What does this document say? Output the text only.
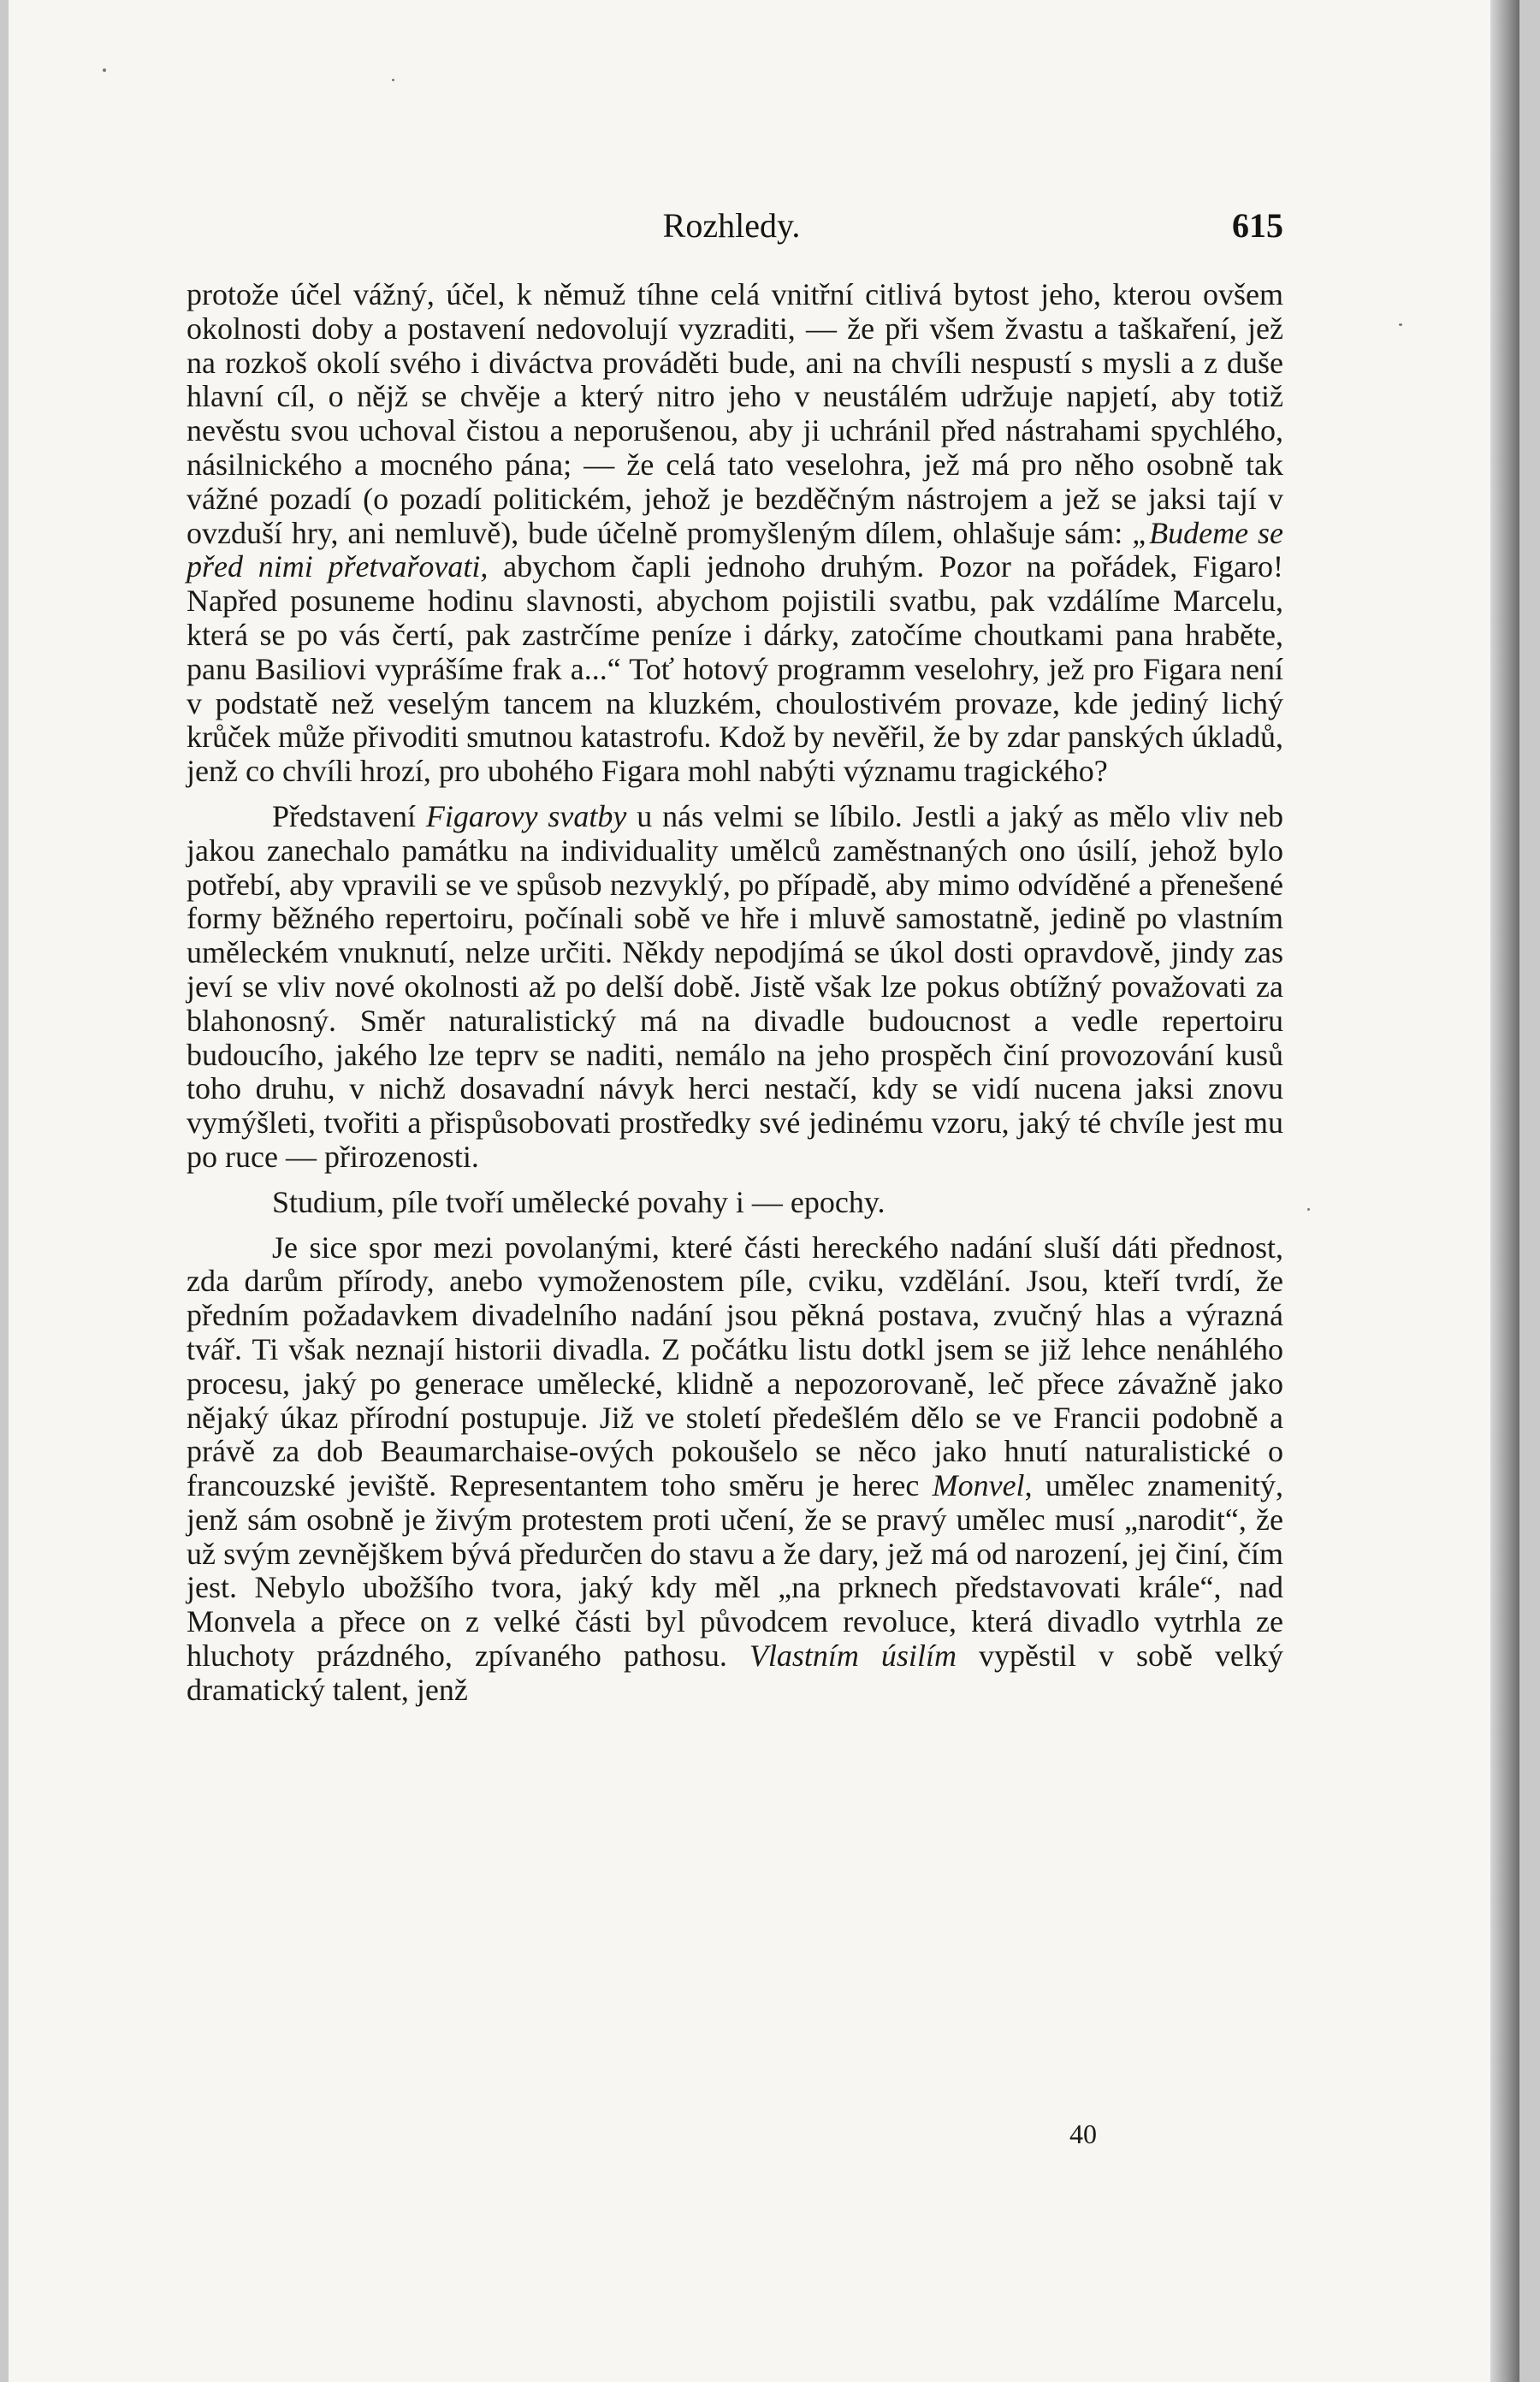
Rozhledy.	615

protože účel vážný, účel, k němuž tíhne celá vnitřní citlivá bytost jeho, kterou ovšem okolnosti doby a postavení nedovolují vyzraditi, — že při všem žvastu a taškaření, jež na rozkoš okolí svého i diváctva prováděti bude, ani na chvíli nespustí s mysli a z duše hlavní cíl, o nějž se chvěje a který nitro jeho v neustálém udržuje napjetí, aby totiž nevěstu svou uchoval čistou a neporušenou, aby ji uchránil před nástrahami spychlého, násilnického a mocného pána; — že celá tato veselohra, jež má pro něho osobně tak vážné pozadí (o pozadí politickém, jehož je bezděčným nástrojem a jež se jaksi tají v ovzduší hry, ani nemluvě), bude účelně promyšleným dílem, ohlašuje sám: „Budeme se před nimi přetvařovati, abychom čapli jednoho druhým. Pozor na pořádek, Figaro! Napřed posuneme hodinu slavnosti, abychom pojistili svatbu, pak vzdálíme Marcelu, která se po vás čertí, pak zastrčíme peníze i dárky, zatočíme choutkami pana hraběte, panu Basiliovi vyprášíme frak a...“ Toť hotový programm veselohry, jež pro Figara není v podstatě než veselým tancem na kluzkém, choulostivém provaze, kde jediný lichý krůček může přivoditi smutnou katastrofu. Kdož by nevěřil, že by zdar panských úkladů, jenž co chvíli hrozí, pro ubohého Figara mohl nabýti významu tragického?

Představení Figarovy svatby u nás velmi se líbilo. Jestli a jaký as mělo vliv neb jakou zanechalo památku na individuality umělců zaměstnaných ono úsilí, jehož bylo potřebí, aby vpravili se ve spůsob nezvyklý, po případě, aby mimo odvíděné a přenešené formy běžného repertoiru, počínali sobě ve hře i mluvě samostatně, jedině po vlastním uměleckém vnuknutí, nelze určiti. Někdy nepodjímá se úkol dosti opravdově, jindy zas jeví se vliv nové okolnosti až po delší době. Jistě však lze pokus obtížný považovati za blahonosný. Směr naturalistický má na divadle budoucnost a vedle repertoiru budoucího, jakého lze teprv se naditi, nemálo na jeho prospěch činí provozování kusů toho druhu, v nichž dosavadní návyk herci nestačí, kdy se vidí nucena jaksi znovu vymýšleti, tvořiti a přispůsobovati prostředky své jedinému vzoru, jaký té chvíle jest mu po ruce — přirozenosti.

Studium, píle tvoří umělecké povahy i — epochy.

Je sice spor mezi povolanými, které části hereckého nadání sluší dáti přednost, zda darům přírody, anebo vymoženostem píle, cviku, vzdělání. Jsou, kteří tvrdí, že předním požadavkem divadelního nadání jsou pěkná postava, zvučný hlas a výrazná tvář. Ti však neznají historii divadla. Z počátku listu dotkl jsem se již lehce nenáhlého procesu, jaký po generace umělecké, klidně a nepozorovaně, leč přece závažně jako nějaký úkaz přírodní postupuje. Již ve století předešlém dělo se ve Francii podobně a právě za dob Beaumarchaise-ových pokoušelo se něco jako hnutí naturalistické o francouzské jeviště. Representantem toho směru je herec Monvel, umělec znamenitý, jenž sám osobně je živým protestem proti učení, že se pravý umělec musí „narodit“, že už svým zevnějškem bývá předurčen do stavu a že dary, jež má od narození, jej činí, čím jest. Nebylo ubožšího tvora, jaký kdy měl „na prknech představovati krále“, nad Monvela a přece on z velké části byl původcem revoluce, která divadlo vytrhla ze hluchoty prázdného, zpívaného pathosu. Vlastním úsilím vypěstil v sobě velký dramatický talent, jenž

40
